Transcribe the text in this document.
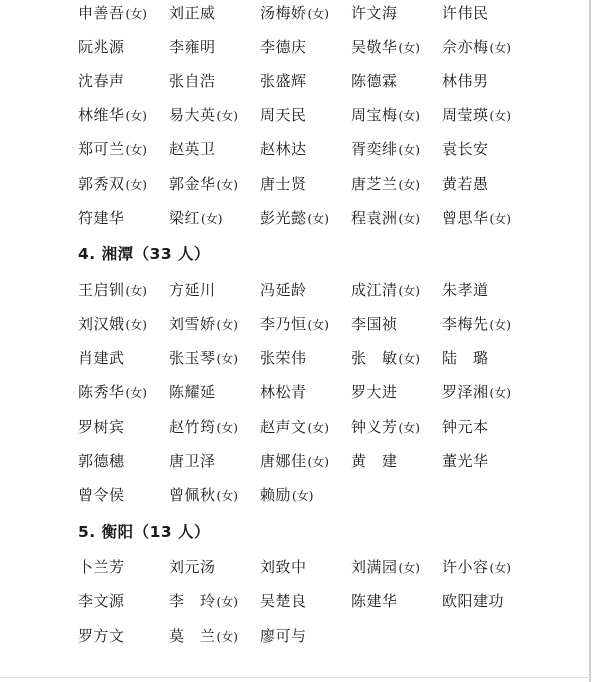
申善吾(女)	刘正威	汤梅娇(女)	许文海	许伟民
阮兆源	李雍明	李德庆	吴敬华(女)	佘亦梅(女)
沈春声	张自浩	张盛辉	陈德霖	林伟男
林维华(女)	易大英(女)	周天民	周宝梅(女)	周莹瑛(女)
郑可兰(女)	赵英卫	赵林达	胥奕绯(女)	袁长安
郭秀双(女)	郭金华(女)	唐士贤	唐芝兰(女)	黄若愚
符建华	梁红(女)	彭光懿(女)	程袁洲(女)	曾思华(女)
4. 湘潭（33 人）
王启钏(女)	方延川	冯延龄	成江清(女)	朱孝道
刘汉娥(女)	刘雪娇(女)	李乃恒(女)	李国祯	李梅先(女)
肖建武	张玉琴(女)	张荣伟	张　敏(女)	陆　璐
陈秀华(女)	陈耀延	林松青	罗大进	罗泽湘(女)
罗树宾	赵竹筠(女)	赵声文(女)	钟义芳(女)	钟元本
郭德穗	唐卫泽	唐娜佳(女)	黄　建	董光华
曾令侯	曾佩秋(女)	赖励(女)
5. 衡阳（13 人）
卜兰芳	刘元汤	刘致中	刘满园(女)	许小容(女)
李文源	李　玲(女)	吴楚良	陈建华	欧阳建功
罗方文	莫　兰(女)	廖可与
